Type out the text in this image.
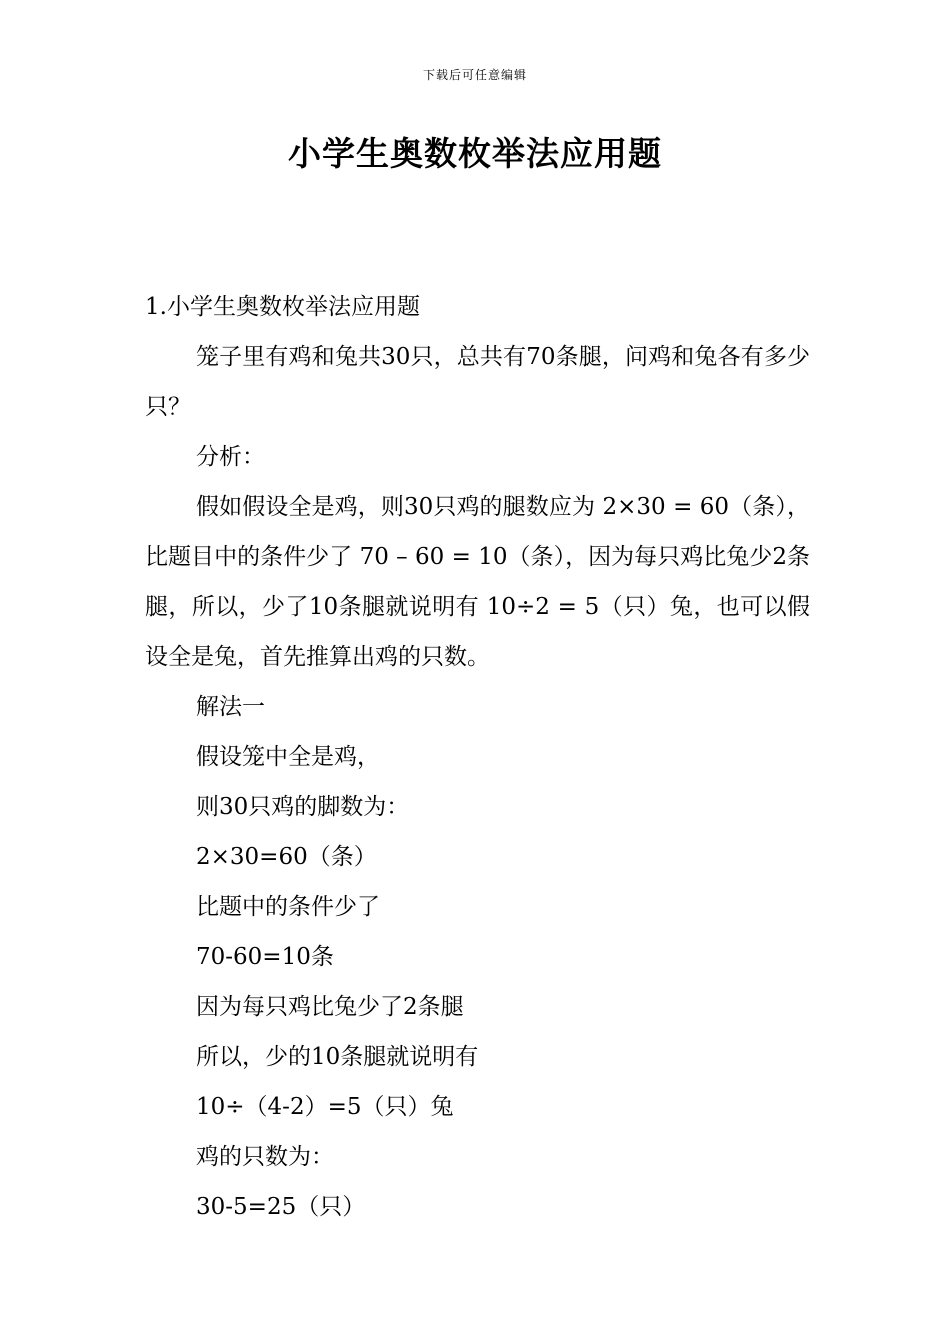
下载后可任意编辑
小学生奥数枚举法应用题

1.小学生奥数枚举法应用题

笼子里有鸡和兔共30只，总共有70条腿，问鸡和兔各有多少只？

分析：

假如假设全是鸡，则30只鸡的腿数应为 2×30 = 60（条），比题目中的条件少了 70 – 60 = 10（条），因为每只鸡比兔少2条腿，所以，少了10条腿就说明有 10÷2 = 5（只）兔，也可以假设全是兔，首先推算出鸡的只数。

解法一

假设笼中全是鸡，

则30只鸡的脚数为：

2×30=60（条）

比题中的条件少了

70-60=10条

因为每只鸡比兔少了2条腿

所以，少的10条腿就说明有

10÷（4-2）=5（只）兔

鸡的只数为：

30-5=25（只）
